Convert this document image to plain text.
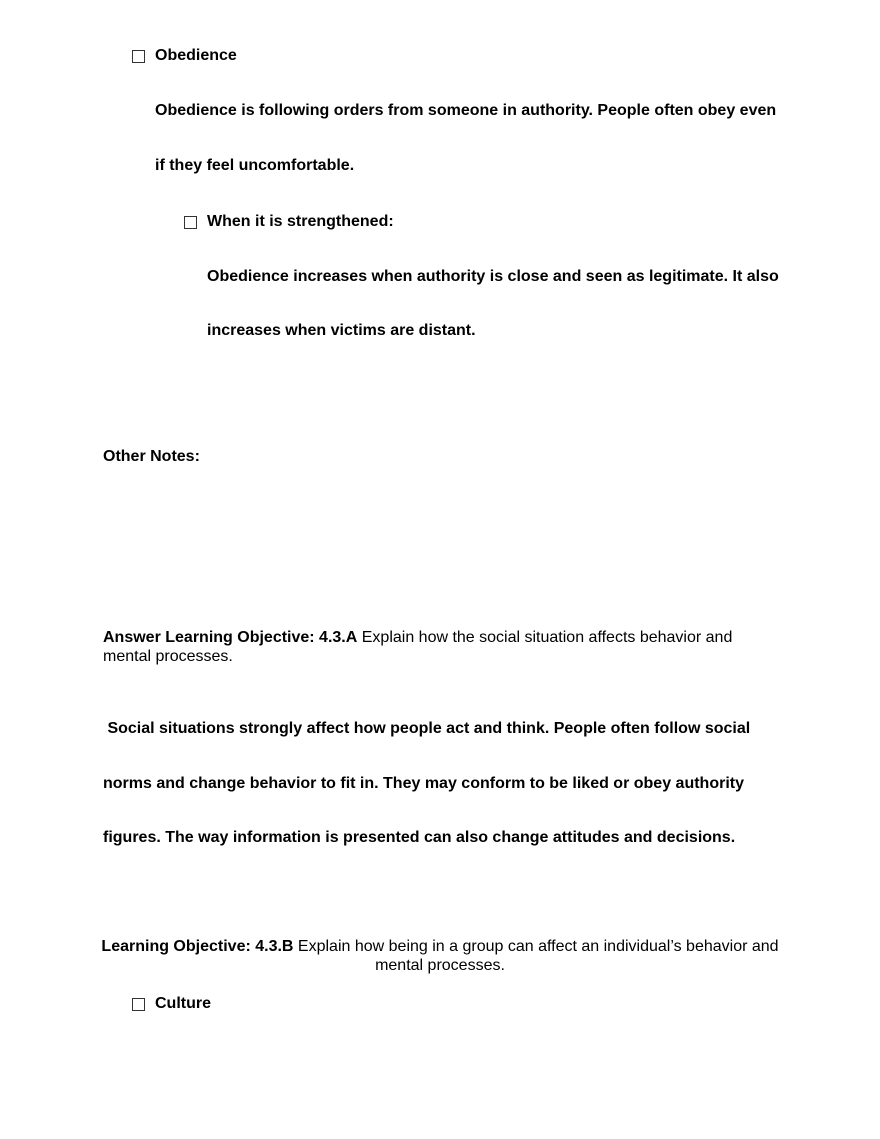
Obedience
Obedience is following orders from someone in authority. People often obey even
if they feel uncomfortable.
When it is strengthened:
Obedience increases when authority is close and seen as legitimate. It also
increases when victims are distant.
Other Notes:
Answer Learning Objective: 4.3.A Explain how the social situation affects behavior and
mental processes.
Social situations strongly affect how people act and think. People often follow social
norms and change behavior to fit in. They may conform to be liked or obey authority
figures. The way information is presented can also change attitudes and decisions.
Learning Objective: 4.3.B Explain how being in a group can affect an individual’s behavior and
mental processes.
Culture
